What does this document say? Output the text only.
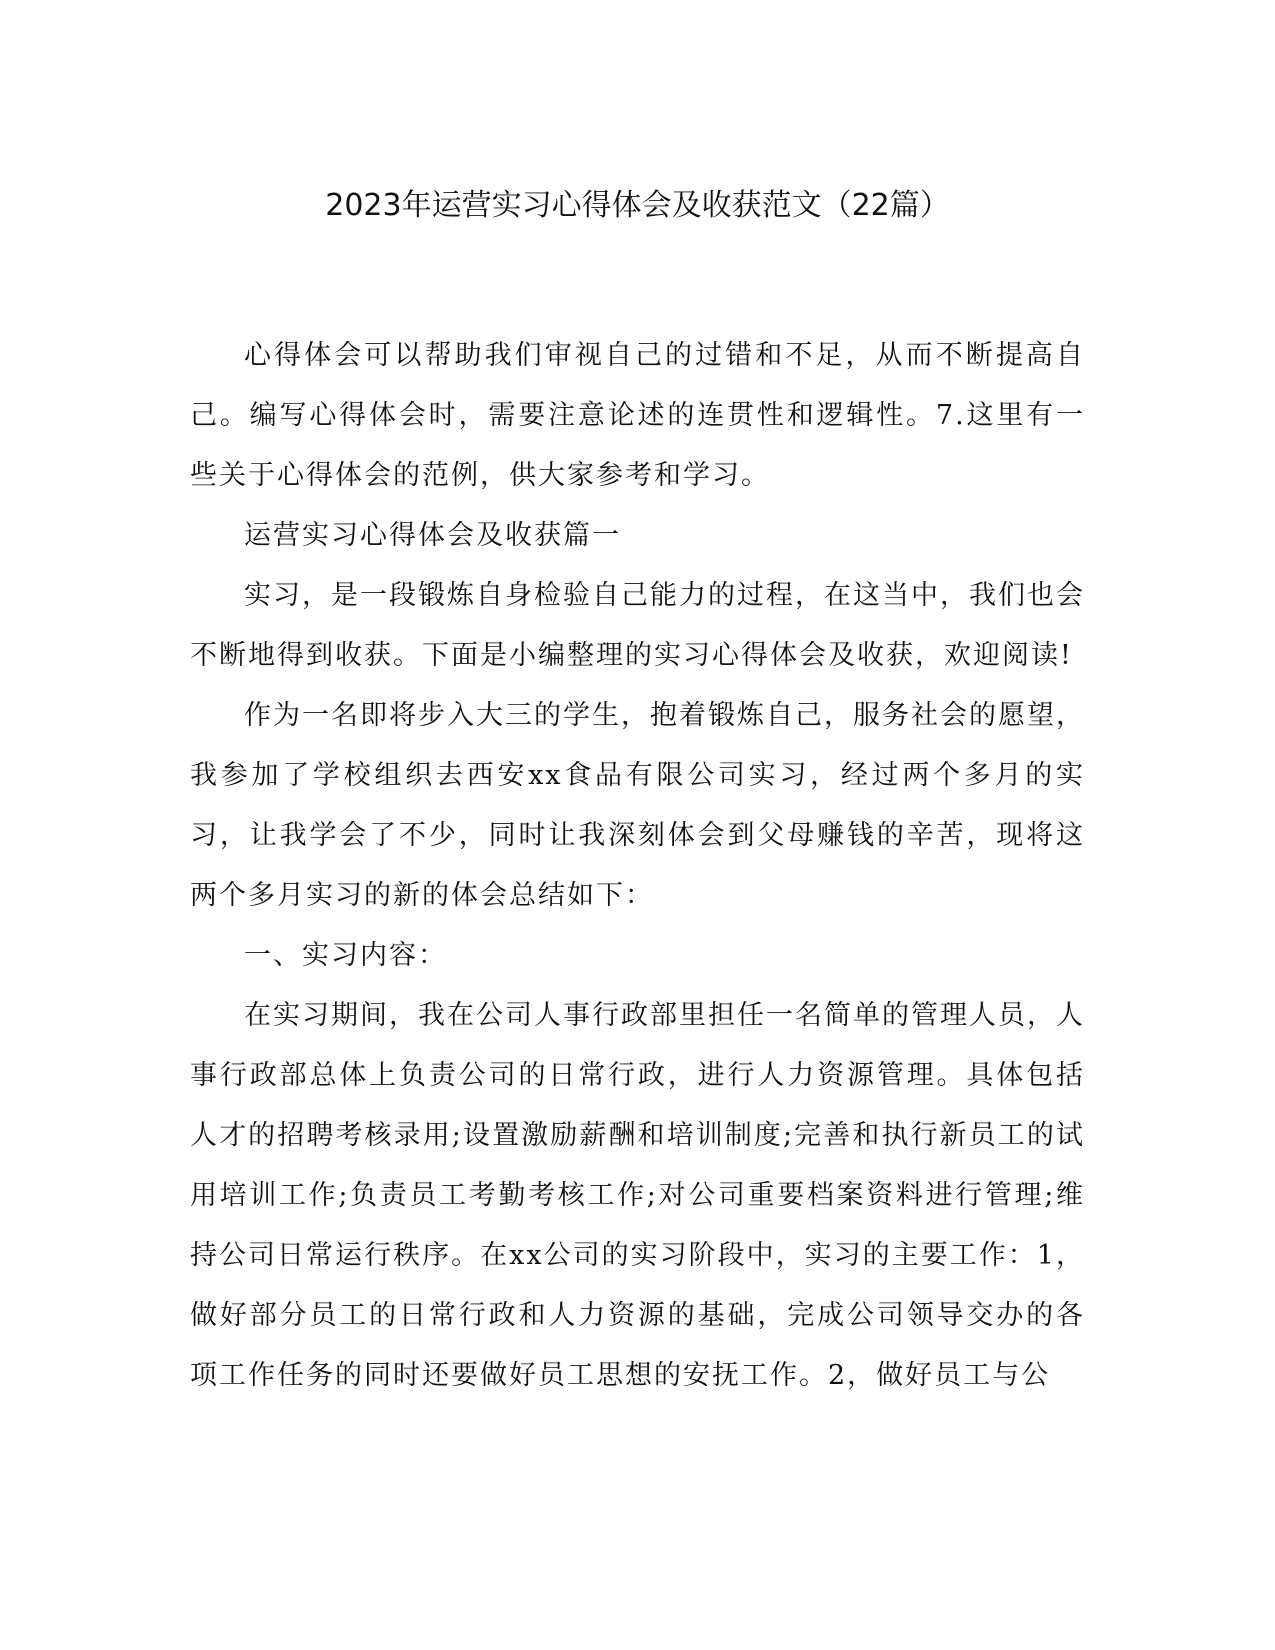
2023年运营实习心得体会及收获范文（22篇）

心得体会可以帮助我们审视自己的过错和不足，从而不断提高自己。编写心得体会时，需要注意论述的连贯性和逻辑性。7.这里有一些关于心得体会的范例，供大家参考和学习。

运营实习心得体会及收获篇一

实习，是一段锻炼自身检验自己能力的过程，在这当中，我们也会不断地得到收获。下面是小编整理的实习心得体会及收获，欢迎阅读!

作为一名即将步入大三的学生，抱着锻炼自己，服务社会的愿望，我参加了学校组织去西安xx食品有限公司实习，经过两个多月的实习，让我学会了不少，同时让我深刻体会到父母赚钱的辛苦，现将这两个多月实习的新的体会总结如下：

一、实习内容：

在实习期间，我在公司人事行政部里担任一名简单的管理人员，人事行政部总体上负责公司的日常行政，进行人力资源管理。具体包括人才的招聘考核录用;设置激励薪酬和培训制度;完善和执行新员工的试用培训工作;负责员工考勤考核工作;对公司重要档案资料进行管理;维持公司日常运行秩序。在xx公司的实习阶段中，实习的主要工作：1，做好部分员工的日常行政和人力资源的基础，完成公司领导交办的各项工作任务的同时还要做好员工思想的安抚工作。2，做好员工与公
